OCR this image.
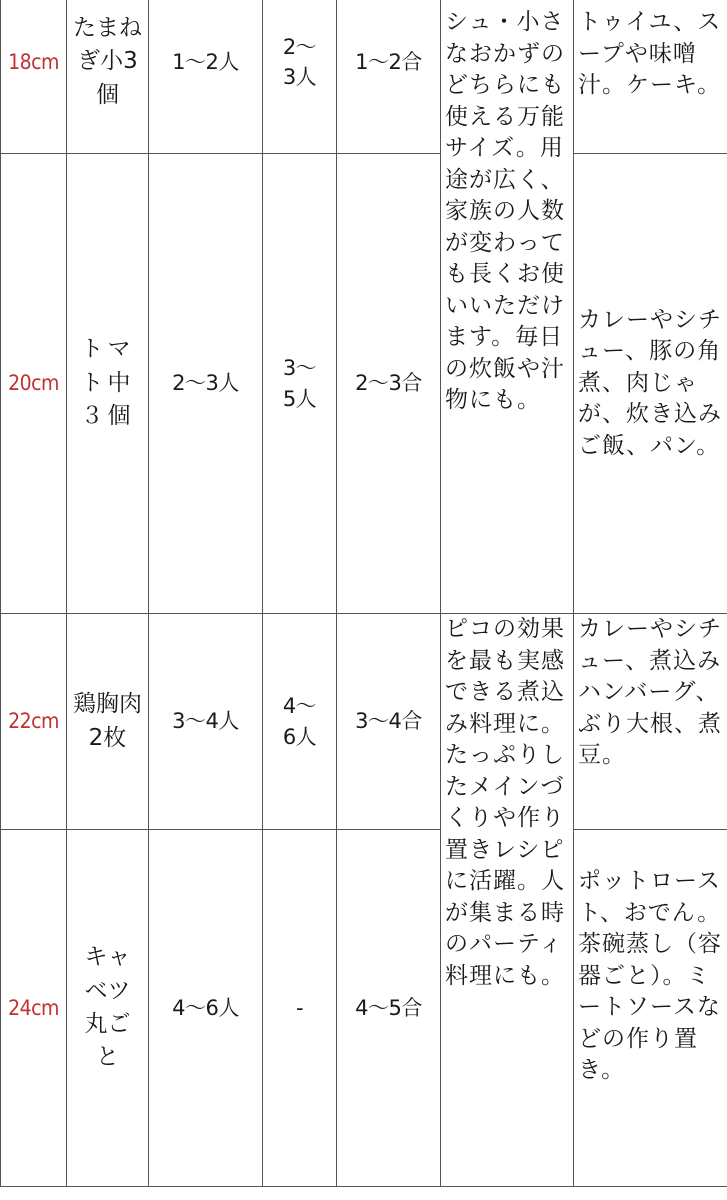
18cm	たまねぎ小3個	1〜2人	2〜3人	1〜2合	シュ・小さなおかずのどちらにも使える万能サイズ。用途が広く、家族の人数が変わっても長くお使いいただけます。毎日の炊飯や汁物にも。	トゥイユ、スープや味噌汁。ケーキ。
20cm	トマト中３個	2〜3人	3〜5人	2〜3合		カレーやシチュー、豚の角煮、肉じゃが、炊き込みご飯、パン。
22cm	鶏胸肉2枚	3〜4人	4〜6人	3〜4合	ピコの効果を最も実感できる煮込み料理に。たっぷりしたメインづくりや作り置きレシピに活躍。人が集まる時のパーティ料理にも。	カレーやシチュー、煮込みハンバーグ、ぶり大根、煮豆。
24cm	キャベツ丸ごと	4〜6人	-	4〜5合		ポットロースト、おでん。茶碗蒸し（容器ごと）。ミートソースなどの作り置き。
